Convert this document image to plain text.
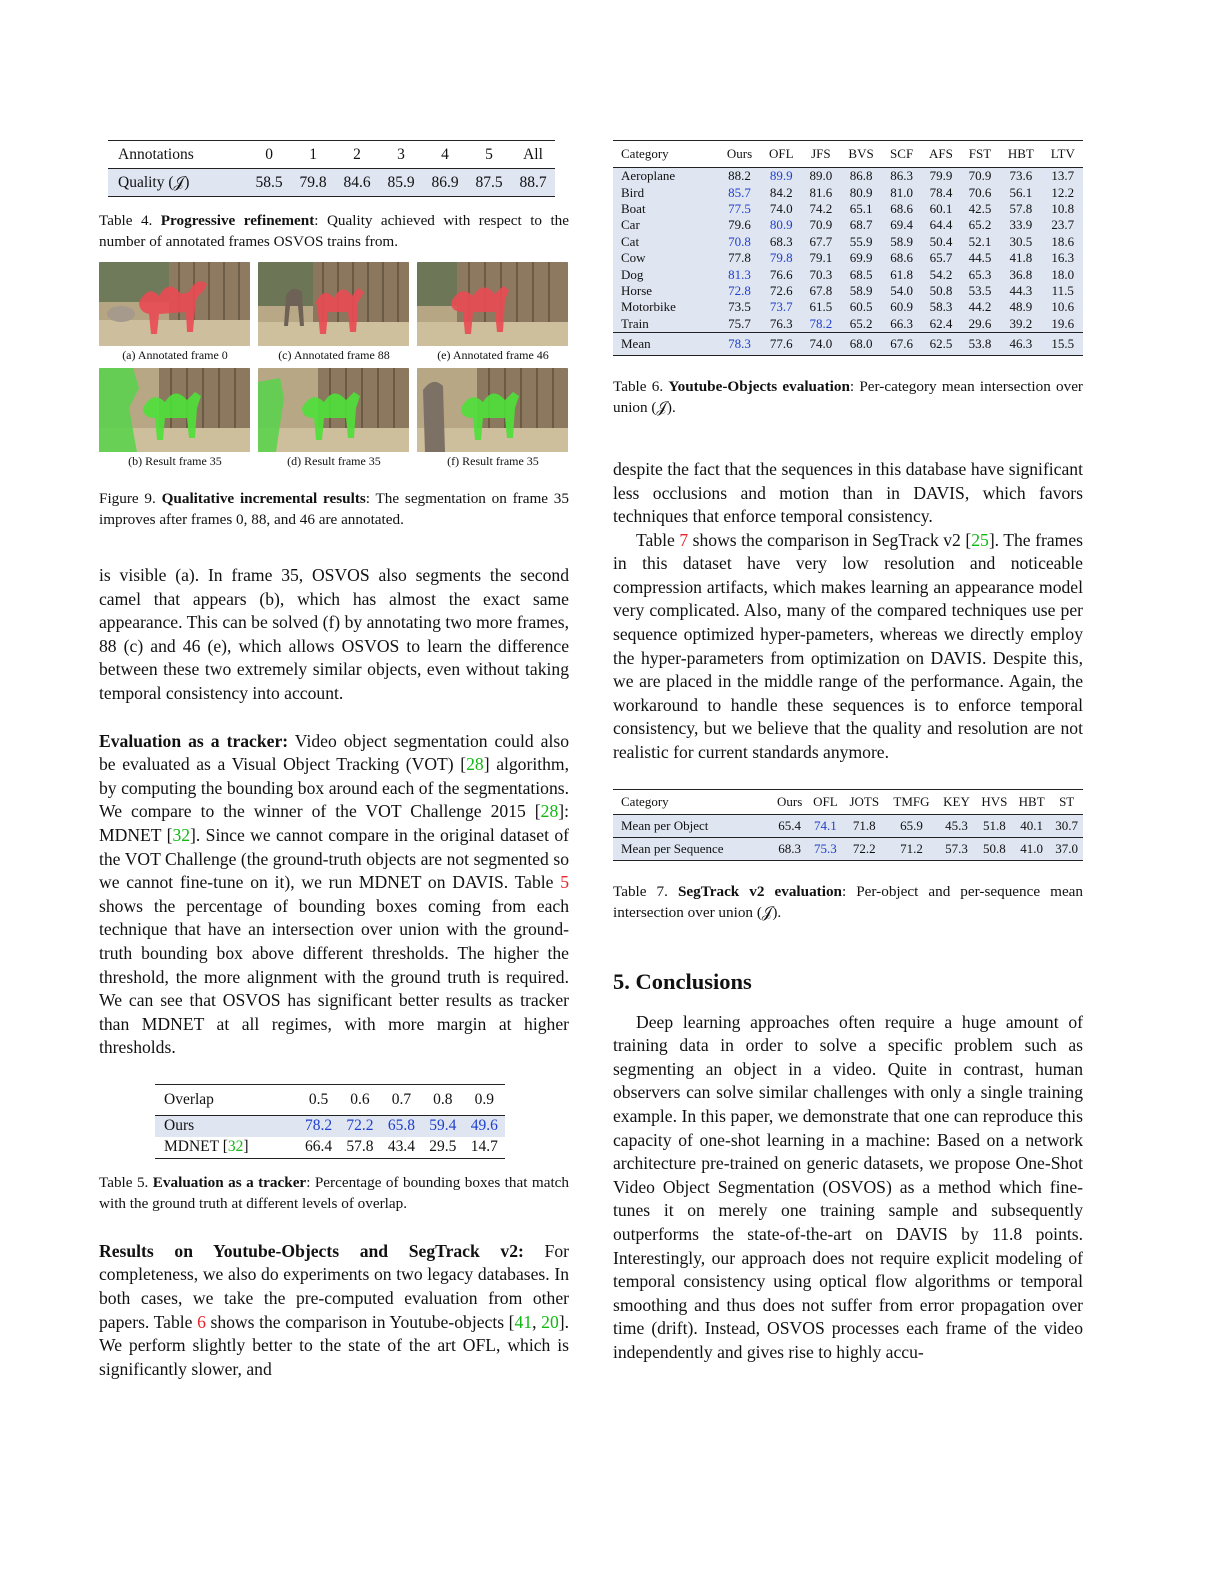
Annotations	0	1	2	3	4	5	All
Quality (𝒥)	58.5	79.8	84.6	85.9	86.9	87.5	88.7
Table 4. Progressive refinement: Quality achieved with respect to the number of annotated frames OSVOS trains from.
(a) Annotated frame 0	(c) Annotated frame 88	(e) Annotated frame 46
(b) Result frame 35	(d) Result frame 35	(f) Result frame 35
Figure 9. Qualitative incremental results: The segmentation on frame 35 improves after frames 0, 88, and 46 are annotated.

is visible (a). In frame 35, OSVOS also segments the second camel that appears (b), which has almost the exact same appearance. This can be solved (f) by annotating two more frames, 88 (c) and 46 (e), which allows OSVOS to learn the difference between these two extremely similar objects, even without taking temporal consistency into account.

Evaluation as a tracker: Video object segmentation could also be evaluated as a Visual Object Tracking (VOT) [28] algorithm, by computing the bounding box around each of the segmentations. We compare to the winner of the VOT Challenge 2015 [28]: MDNET [32]. Since we cannot compare in the original dataset of the VOT Challenge (the ground-truth objects are not segmented so we cannot fine-tune on it), we run MDNET on DAVIS. Table 5 shows the percentage of bounding boxes coming from each technique that have an intersection over union with the ground-truth bounding box above different thresholds. The higher the threshold, the more alignment with the ground truth is required. We can see that OSVOS has significant better results as tracker than MDNET at all regimes, with more margin at higher thresholds.

Overlap	0.5	0.6	0.7	0.8	0.9
Ours	78.2	72.2	65.8	59.4	49.6
MDNET [32]	66.4	57.8	43.4	29.5	14.7
Table 5. Evaluation as a tracker: Percentage of bounding boxes that match with the ground truth at different levels of overlap.

Results on Youtube-Objects and SegTrack v2: For completeness, we also do experiments on two legacy databases. In both cases, we take the pre-computed evaluation from other papers. Table 6 shows the comparison in Youtube-objects [41, 20]. We perform slightly better to the state of the art OFL, which is significantly slower, and

Category	Ours	OFL	JFS	BVS	SCF	AFS	FST	HBT	LTV
Aeroplane	88.2	89.9	89.0	86.8	86.3	79.9	70.9	73.6	13.7
Bird	85.7	84.2	81.6	80.9	81.0	78.4	70.6	56.1	12.2
Boat	77.5	74.0	74.2	65.1	68.6	60.1	42.5	57.8	10.8
Car	79.6	80.9	70.9	68.7	69.4	64.4	65.2	33.9	23.7
Cat	70.8	68.3	67.7	55.9	58.9	50.4	52.1	30.5	18.6
Cow	77.8	79.8	79.1	69.9	68.6	65.7	44.5	41.8	16.3
Dog	81.3	76.6	70.3	68.5	61.8	54.2	65.3	36.8	18.0
Horse	72.8	72.6	67.8	58.9	54.0	50.8	53.5	44.3	11.5
Motorbike	73.5	73.7	61.5	60.5	60.9	58.3	44.2	48.9	10.6
Train	75.7	76.3	78.2	65.2	66.3	62.4	29.6	39.2	19.6
Mean	78.3	77.6	74.0	68.0	67.6	62.5	53.8	46.3	15.5
Table 6. Youtube-Objects evaluation: Per-category mean intersection over union (𝒥).

despite the fact that the sequences in this database have significant less occlusions and motion than in DAVIS, which favors techniques that enforce temporal consistency.

Table 7 shows the comparison in SegTrack v2 [25]. The frames in this dataset have very low resolution and noticeable compression artifacts, which makes learning an appearance model very complicated. Also, many of the compared techniques use per sequence optimized hyper-pameters, whereas we directly employ the hyper-parameters from optimization on DAVIS. Despite this, we are placed in the middle range of the performance. Again, the workaround to handle these sequences is to enforce temporal consistency, but we believe that the quality and resolution are not realistic for current standards anymore.

Category	Ours	OFL	JOTS	TMFG	KEY	HVS	HBT	ST
Mean per Object	65.4	74.1	71.8	65.9	45.3	51.8	40.1	30.7
Mean per Sequence	68.3	75.3	72.2	71.2	57.3	50.8	41.0	37.0
Table 7. SegTrack v2 evaluation: Per-object and per-sequence mean intersection over union (𝒥).
5. Conclusions

Deep learning approaches often require a huge amount of training data in order to solve a specific problem such as segmenting an object in a video. Quite in contrast, human observers can solve similar challenges with only a single training example. In this paper, we demonstrate that one can reproduce this capacity of one-shot learning in a machine: Based on a network architecture pre-trained on generic datasets, we propose One-Shot Video Object Segmentation (OSVOS) as a method which fine-tunes it on merely one training sample and subsequently outperforms the state-of-the-art on DAVIS by 11.8 points. Interestingly, our approach does not require explicit modeling of temporal consistency using optical flow algorithms or temporal smoothing and thus does not suffer from error propagation over time (drift). Instead, OSVOS processes each frame of the video independently and gives rise to highly accu-
